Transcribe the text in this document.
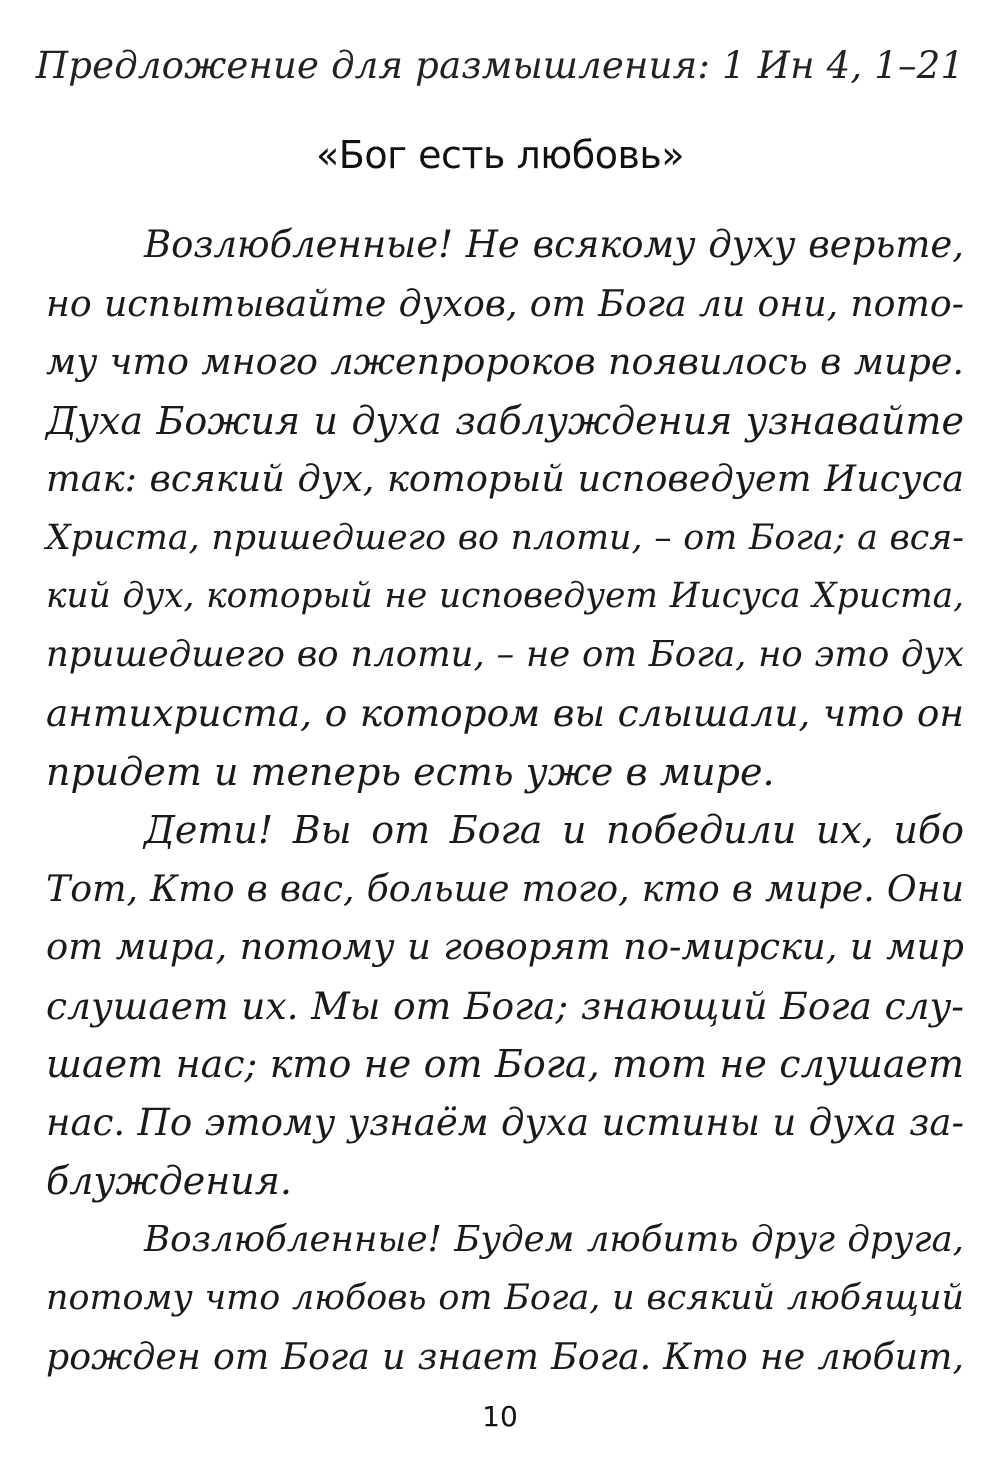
Предложение для размышления: 1 Ин 4, 1–21
«Бог есть любовь»
Возлюбленные! Не всякому духу верьте,
но испытывайте духов, от Бога ли они, пото-
му что много лжепророков появилось в мире.
Духа Божия и духа заблуждения узнавайте
так: всякий дух, который исповедует Иисуса
Христа, пришедшего во плоти, – от Бога; а вся-
кий дух, который не исповедует Иисуса Христа,
пришедшего во плоти, – не от Бога, но это дух
антихриста, о котором вы слышали, что он
придет и теперь есть уже в мире.
Дети! Вы от Бога и победили их, ибо
Тот, Кто в вас, больше того, кто в мире. Они
от мира, потому и говорят по-мирски, и мир
слушает их. Мы от Бога; знающий Бога слу-
шает нас; кто не от Бога, тот не слушает
нас. По этому узнаём духа истины и духа за-
блуждения.
Возлюбленные! Будем любить друг друга,
потому что любовь от Бога, и всякий любящий
рожден от Бога и знает Бога. Кто не любит,
10
